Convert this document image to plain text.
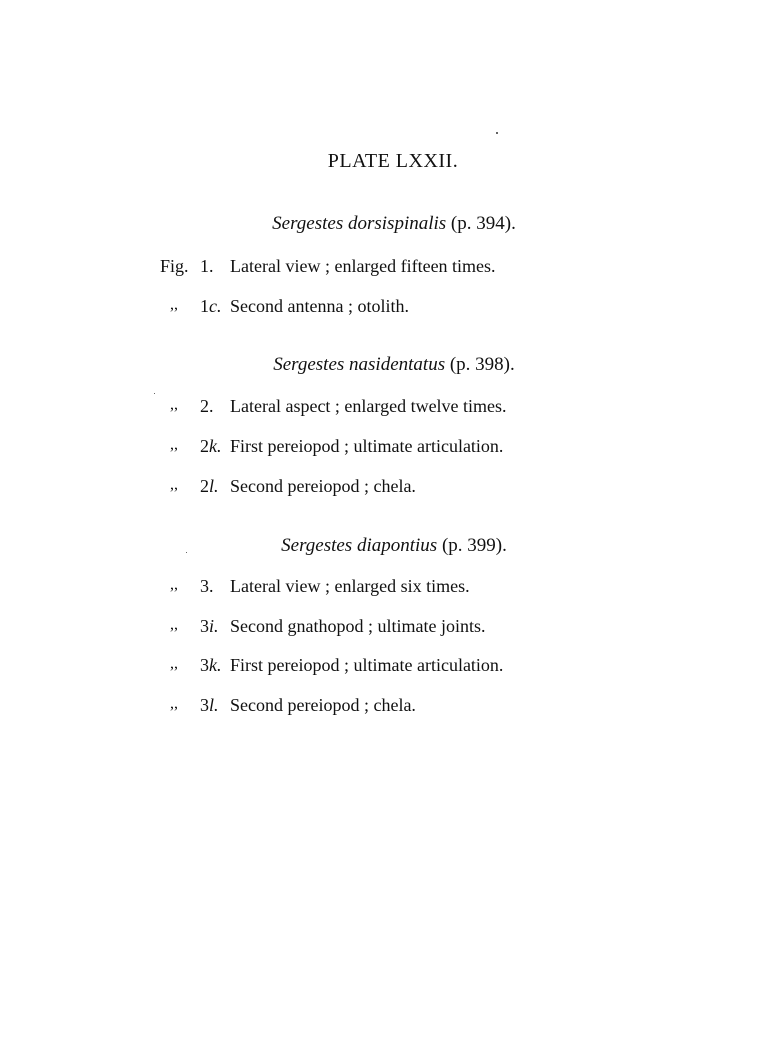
PLATE LXXII.
Sergestes dorsispinalis (p. 394).
Fig. 1. Lateral view ; enlarged fifteen times.
,,	1c. Second antenna ; otolith.
Sergestes nasidentatus (p. 398).
,,	2. Lateral aspect ; enlarged twelve times.
,,	2k. First pereiopod ; ultimate articulation.
,,	2l. Second pereiopod ; chela.
Sergestes diapontius (p. 399).
,,	3. Lateral view ; enlarged six times.
,,	3i. Second gnathopod ; ultimate joints.
,,	3k. First pereiopod ; ultimate articulation.
,,	3l. Second pereiopod ; chela.
